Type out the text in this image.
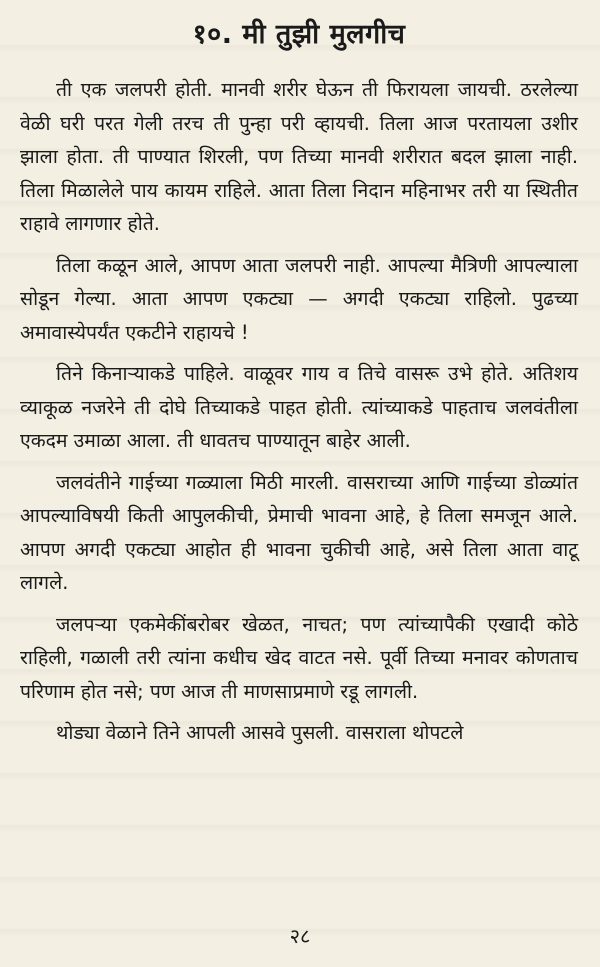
१०. मी तुझी मुलगीच

ती एक जलपरी होती. मानवी शरीर घेऊन ती फिरायला जायची. ठरलेल्या वेळी घरी परत गेली तरच ती पुन्हा परी व्हायची. तिला आज परतायला उशीर झाला होता. ती पाण्यात शिरली, पण तिच्या मानवी शरीरात बदल झाला नाही. तिला मिळालेले पाय कायम राहिले. आता तिला निदान महिनाभर तरी या स्थितीत राहावे लागणार होते.

तिला कळून आले, आपण आता जलपरी नाही. आपल्या मैत्रिणी आपल्याला सोडून गेल्या. आता आपण एकट्या — अगदी एकट्या राहिलो. पुढच्या अमावास्येपर्यंत एकटीने राहायचे !

तिने किनाऱ्याकडे पाहिले. वाळूवर गाय व तिचे वासरू उभे होते. अतिशय व्याकूळ नजरेने ती दोघे तिच्याकडे पाहत होती. त्यांच्याकडे पाहताच जलवंतीला एकदम उमाळा आला. ती धावतच पाण्यातून बाहेर आली.

जलवंतीने गाईच्या गळ्याला मिठी मारली. वासराच्या आणि गाईच्या डोळ्यांत आपल्याविषयी किती आपुलकीची, प्रेमाची भावना आहे, हे तिला समजून आले. आपण अगदी एकट्या आहोत ही भावना चुकीची आहे, असे तिला आता वाटू लागले.

जलपऱ्या एकमेकींबरोबर खेळत, नाचत; पण त्यांच्यापैकी एखादी कोठे राहिली, गळाली तरी त्यांना कधीच खेद वाटत नसे. पूर्वी तिच्या मनावर कोणताच परिणाम होत नसे; पण आज ती माणसाप्रमाणे रडू लागली.

थोड्या वेळाने तिने आपली आसवे पुसली. वासराला थोपटले

२८
